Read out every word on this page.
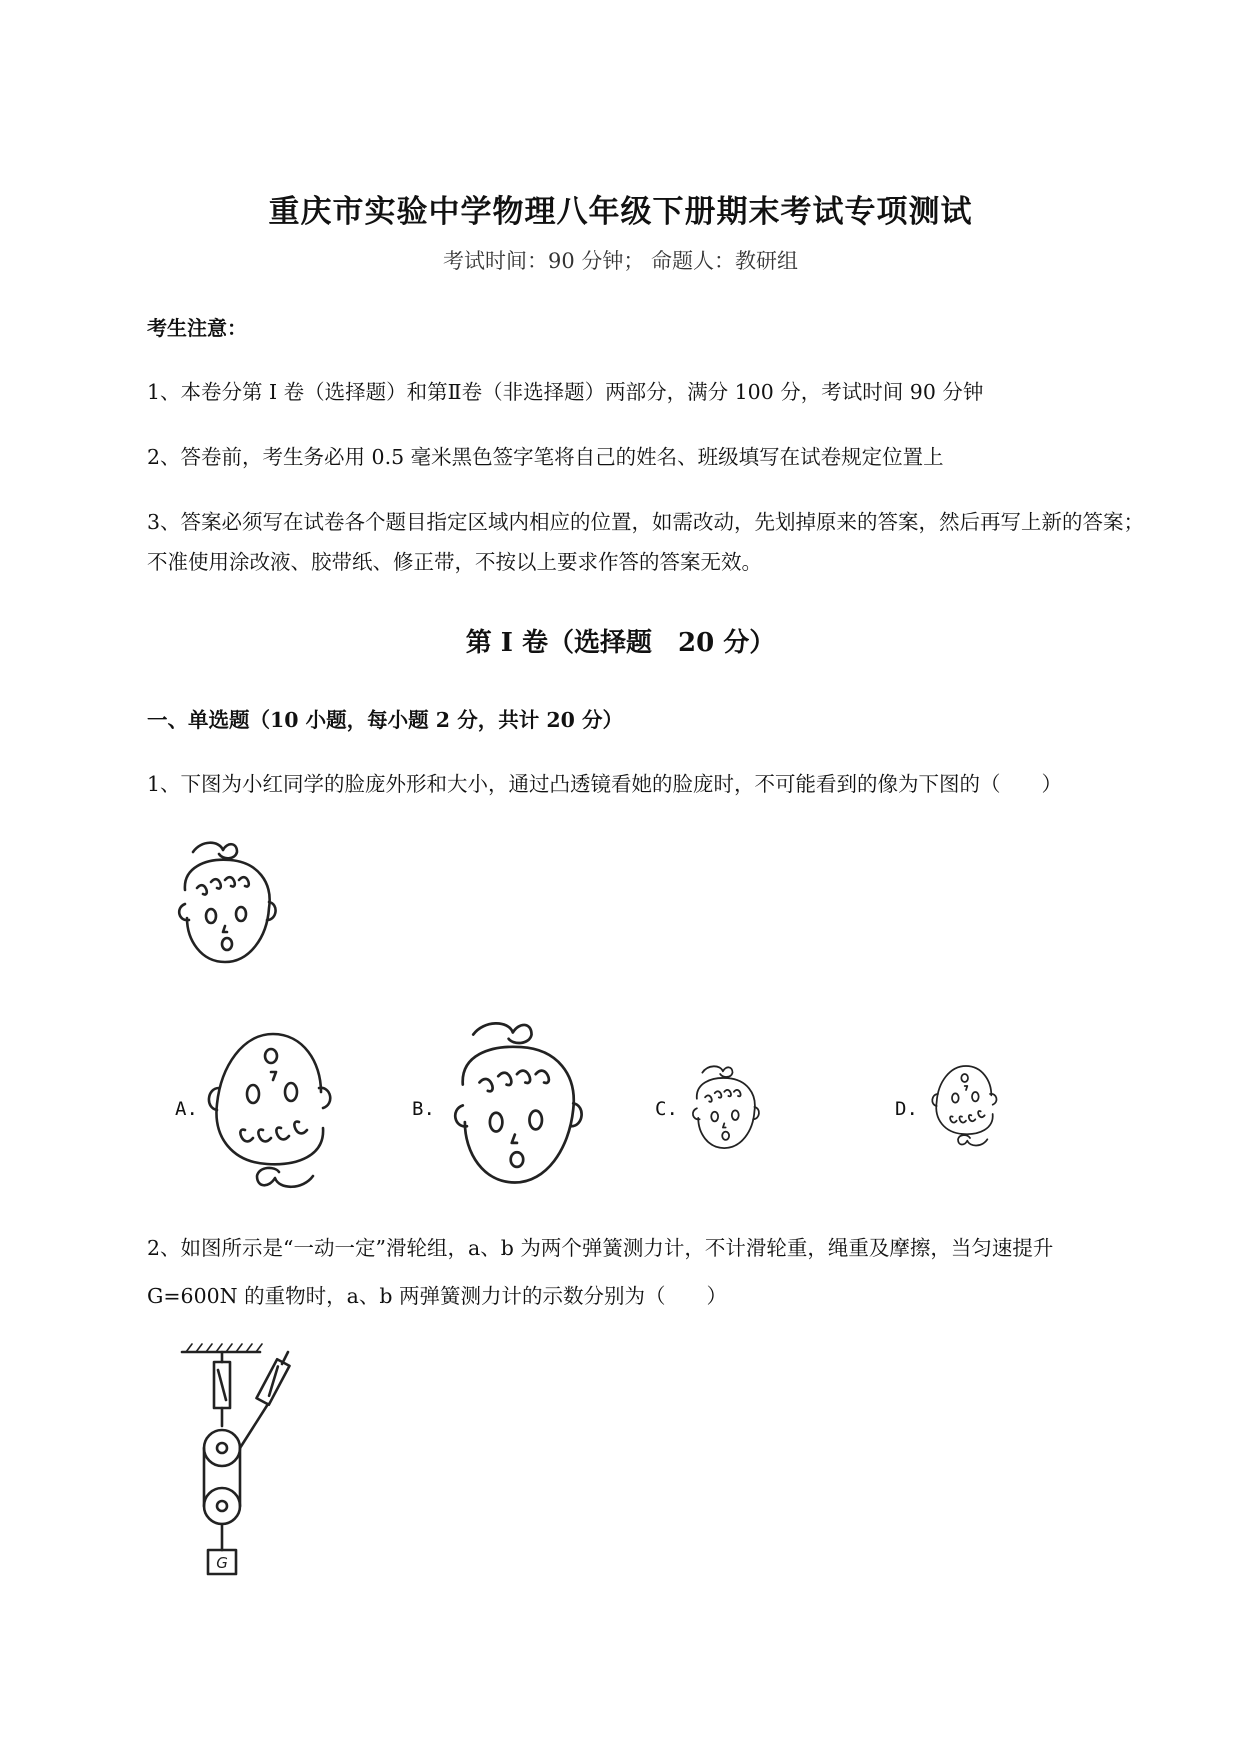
重庆市实验中学物理八年级下册期末考试专项测试
考试时间：90 分钟； 命题人：教研组
考生注意：
1、本卷分第 I 卷（选择题）和第Ⅱ卷（非选择题）两部分，满分 100 分，考试时间 90 分钟
2、答卷前，考生务必用 0.5 毫米黑色签字笔将自己的姓名、班级填写在试卷规定位置上
3、答案必须写在试卷各个题目指定区域内相应的位置，如需改动，先划掉原来的答案，然后再写上新的答案；不准使用涂改液、胶带纸、修正带，不按以上要求作答的答案无效。
第 I 卷（选择题　20 分）
一、单选题（10 小题，每小题 2 分，共计 20 分）
1、下图为小红同学的脸庞外形和大小，通过凸透镜看她的脸庞时，不可能看到的像为下图的（　　）
A.	B.	C.	D.
2、如图所示是“一动一定”滑轮组，a、b 为两个弹簧测力计，不计滑轮重，绳重及摩擦，当匀速提升 G=600N 的重物时，a、b 两弹簧测力计的示数分别为（　　）
G
